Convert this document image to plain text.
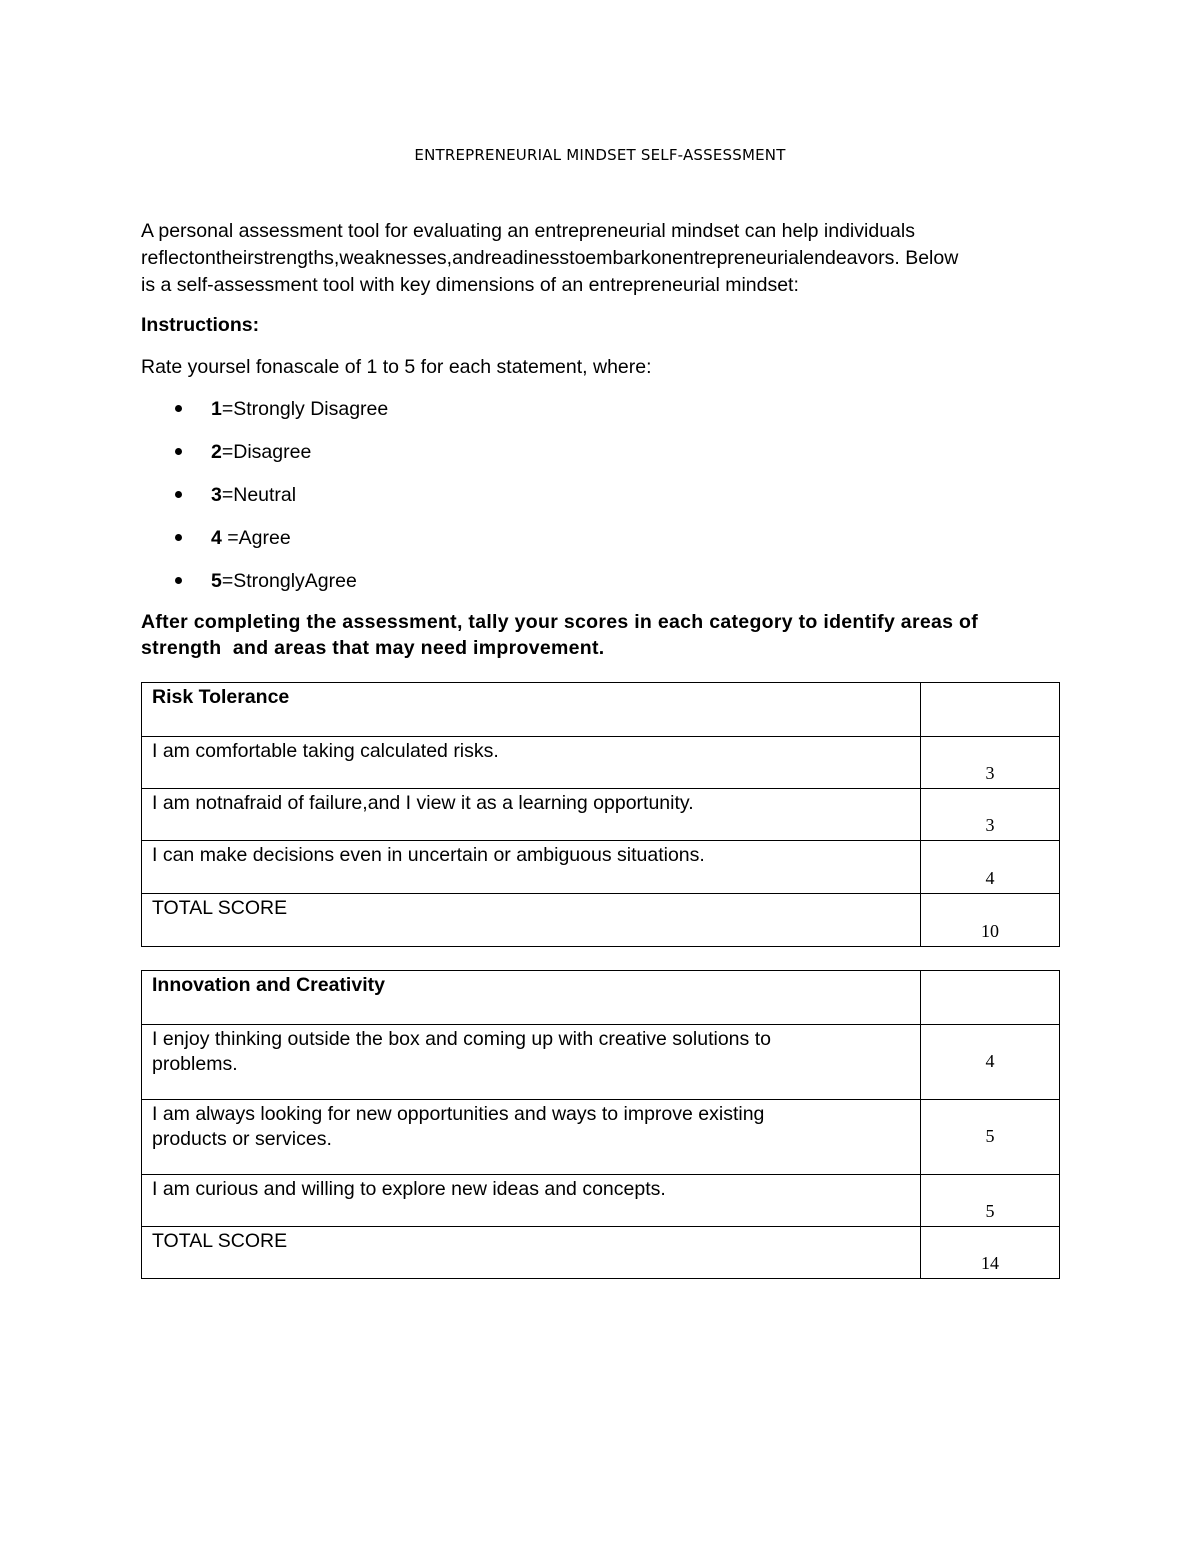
ENTREPRENEURIAL MINDSET SELF-ASSESSMENT

A personal assessment tool for evaluating an entrepreneurial mindset can help individuals

reflectontheirstrengths,weaknesses,andreadinesstoembarkonentrepreneurialendeavors. Below

is a self-assessment tool with key dimensions of an entrepreneurial mindset:

Instructions:
Rate yoursel fonascale of 1 to 5 for each statement, where:
1=Strongly Disagree
2=Disagree
3=Neutral
4 =Agree
5=StronglyAgree
After completing the assessment, tally your scores in each category to identify areas of
strength  and areas that may need improvement.
Risk Tolerance	
I am comfortable taking calculated risks.	3
I am notnafraid of failure,and I view it as a learning opportunity.	3
I can make decisions even in uncertain or ambiguous situations.	4
TOTAL SCORE	10
Innovation and Creativity	

I enjoy thinking outside the box and coming up with creative solutions to
problems.	4

I am always looking for new opportunities and ways to improve existing
products or services.	5
I am curious and willing to explore new ideas and concepts.	5
TOTAL SCORE	14
